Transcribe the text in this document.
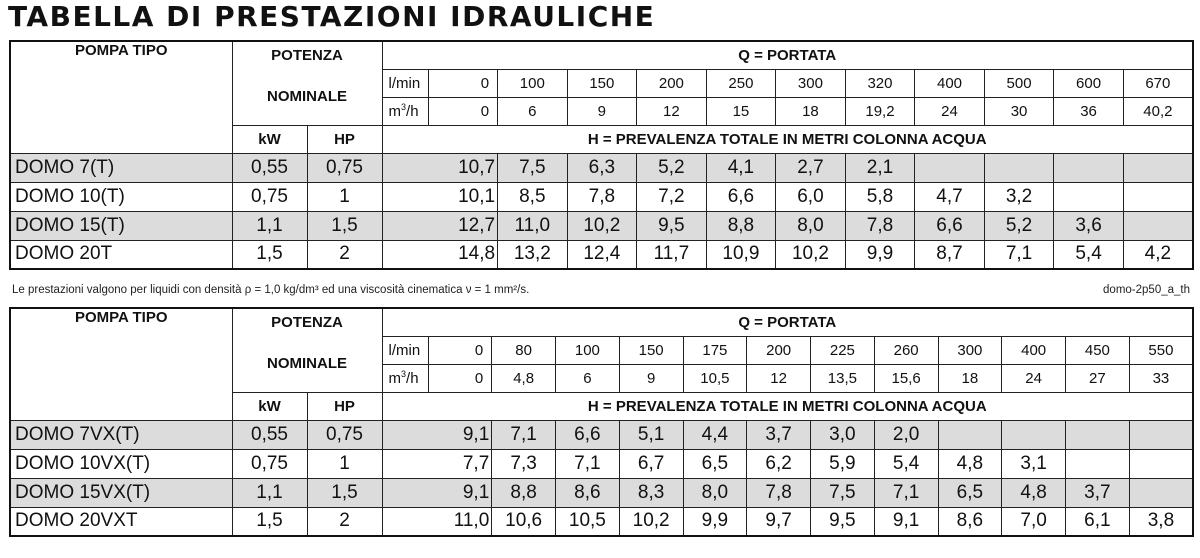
TABELLA DI PRESTAZIONI IDRAULICHE
POMPA TIPO	POTENZA		Q = PORTATA											
	NOMINALE		l/min	0	100	150	200	250	300	320	400	500	600	670
			$m^3/h$	0	6	9	12	15	18	19,2	24	30	36	40,2
	kW	HP	H = PREVALENZA TOTALE IN METRI COLONNA ACQUA											
DOMO 7(T)	0,55	0,75	10,7		7,5	6,3	5,2	4,1	2,7	2,1				
DOMO 10(T)	0,75	1	10,1		8,5	7,8	7,2	6,6	6,0	5,8	4,7	3,2		
DOMO 15(T)	1,1	1,5	12,7		11,0	10,2	9,5	8,8	8,0	7,8	6,6	5,2	3,6	
DOMO 20T	1,5	2	14,8		13,2	12,4	11,7	10,9	10,2	9,9	8,7	7,1	5,4	4,2
Le prestazioni valgono per liquidi con densità ρ = 1,0 kg/dm³ ed una viscosità cinematica ν = 1 mm²/s.	domo-2p50_a_th
POMPA TIPO	POTENZA		Q = PORTATA												
	NOMINALE		l/min	0	80	100	150	175	200	225	260	300	400	450	550
			$m^3/h$	0	4,8	6	9	10,5	12	13,5	15,6	18	24	27	33
	kW	HP	H = PREVALENZA TOTALE IN METRI COLONNA ACQUA												
DOMO 7VX(T)	0,55	0,75	9,1		7,1	6,6	5,1	4,4	3,7	3,0	2,0				
DOMO 10VX(T)	0,75	1	7,7		7,3	7,1	6,7	6,5	6,2	5,9	5,4	4,8	3,1		
DOMO 15VX(T)	1,1	1,5	9,1		8,8	8,6	8,3	8,0	7,8	7,5	7,1	6,5	4,8	3,7	
DOMO 20VXT	1,5	2	11,0		10,6	10,5	10,2	9,9	9,7	9,5	9,1	8,6	7,0	6,1	3,8
